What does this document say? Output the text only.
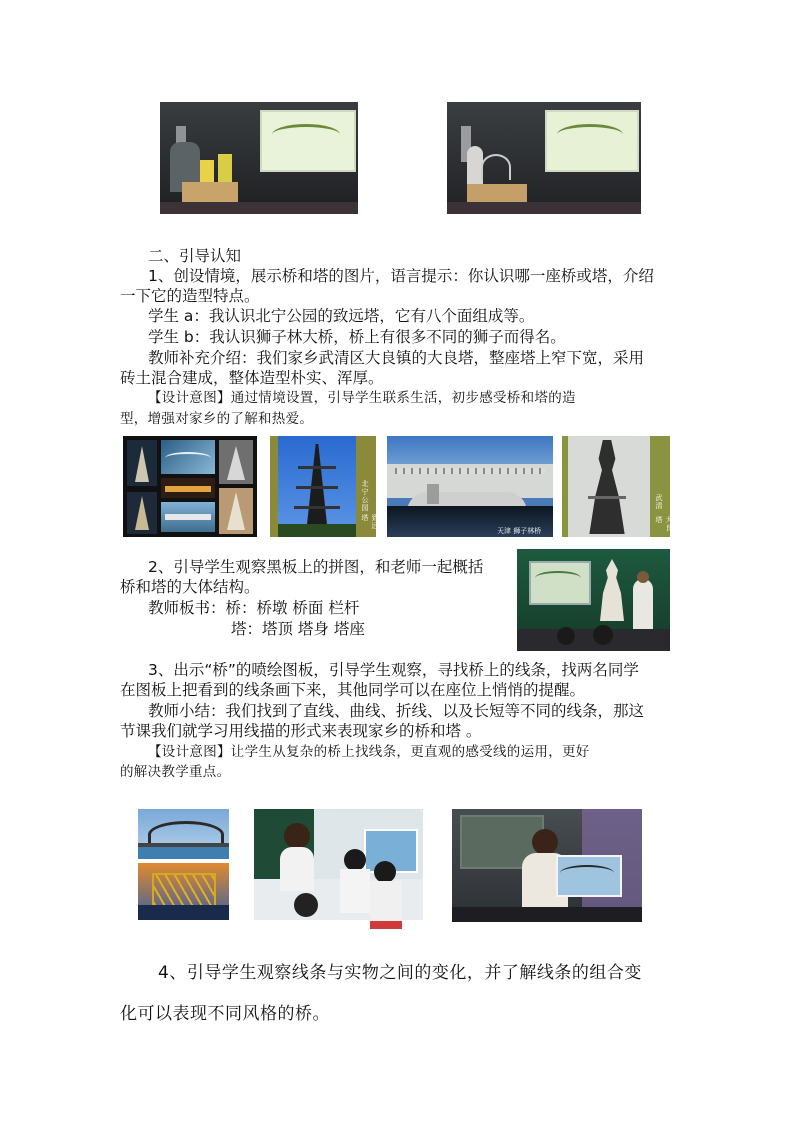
二、引导认知
1、创设情境，展示桥和塔的图片，语言提示：你认识哪一座桥或塔，介绍
一下它的造型特点。
学生 a：我认识北宁公园的致远塔，它有八个面组成等。
学生 b：我认识狮子林大桥，桥上有很多不同的狮子而得名。
教师补充介绍：我们家乡武清区大良镇的大良塔，整座塔上窄下宽，采用
砖土混合建成，整体造型朴实、浑厚。
【设计意图】通过情境设置，引导学生联系生活，初步感受桥和塔的造
型，增强对家乡的了解和热爱。
北宁公园
致远塔
天津 狮子林桥
武清
大良塔
2、引导学生观察黑板上的拼图，和老师一起概括
桥和塔的大体结构。
教师板书：桥：桥墩 桥面 栏杆
塔：塔顶 塔身 塔座
3、出示“桥”的喷绘图板，引导学生观察，寻找桥上的线条，找两名同学
在图板上把看到的线条画下来，其他同学可以在座位上悄悄的提醒。
教师小结：我们找到了直线、曲线、折线、以及长短等不同的线条，那这
节课我们就学习用线描的形式来表现家乡的桥和塔 。
【设计意图】让学生从复杂的桥上找线条，更直观的感受线的运用，更好
的解决教学重点。
4、引导学生观察线条与实物之间的变化，并了解线条的组合变
化可以表现不同风格的桥。
